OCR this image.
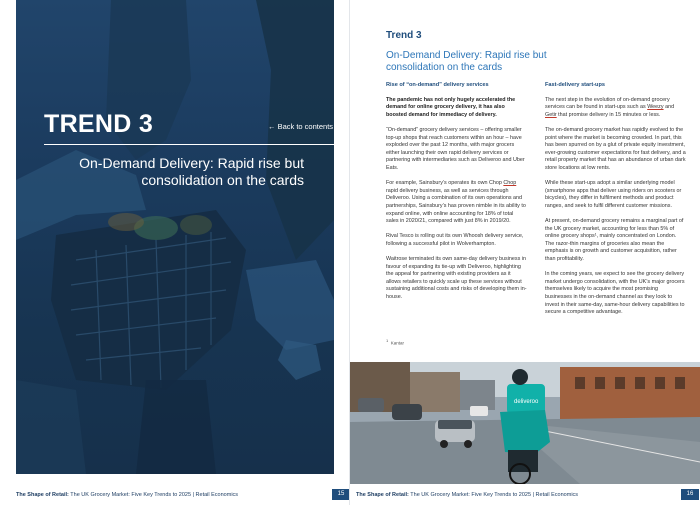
TREND 3	← Back to contents
On-Demand Delivery: Rapid rise but consolidation on the cards
The Shape of Retail: The UK Grocery Market: Five Key Trends to 2025 | Retail Economics	15
Trend 3
On-Demand Delivery: Rapid rise but consolidation on the cards
Rise of “on-demand” delivery services

The pandemic has not only hugely accelerated the demand for online grocery delivery, it has also boosted demand for immediacy of delivery.

“On-demand” grocery delivery services – offering smaller top-up shops that reach customers within an hour – have exploded over the past 12 months, with major grocers either launching their own rapid delivery services or partnering with intermediaries such as Deliveroo and Uber Eats.

For example, Sainsbury’s operates its own Chop Chop rapid delivery business, as well as services through Deliveroo. Using a combination of its own operations and partnerships, Sainsbury’s has proven nimble in its ability to expand online, with online accounting for 18% of total sales in 2020/21, compared with just 8% in 2019/20.

Rival Tesco is rolling out its own Whoosh delivery service, following a successful pilot in Wolverhampton.

Waitrose terminated its own same-day delivery business in favour of expanding its tie-up with Deliveroo, highlighting the appeal for partnering with existing providers as it allows retailers to quickly scale up these services without sustaining additional costs and risks of developing them in-house.

Fast-delivery start-ups

The next step in the evolution of on-demand grocery services can be found in start-ups such as Weezy and Getir that promise delivery in 15 minutes or less.

The on-demand grocery market has rapidly evolved to the point where the market is becoming crowded. In part, this has been spurred on by a glut of private equity investment, ever-growing customer expectations for fast delivery, and a retail property market that has an abundance of urban dark store locations at low rents.

While these start-ups adopt a similar underlying model (smartphone apps that deliver using riders on scooters or bicycles), they differ in fulfilment methods and product ranges, and seek to fulfil different customer missions.

At present, on-demand grocery remains a marginal part of the UK grocery market, accounting for less than 5% of online grocery shops¹, mainly concentrated on London. The razor-thin margins of groceries also mean the emphasis is on growth and customer acquisition, rather than profitability.

In the coming years, we expect to see the grocery delivery market undergo consolidation, with the UK’s major grocers themselves likely to acquire the most promising businesses in the on-demand channel as they look to invest in their same-day, same-hour delivery capabilities to secure a competitive advantage.

$^1$ Kantar
deliveroo
The Shape of Retail: The UK Grocery Market: Five Key Trends to 2025 | Retail Economics	16
